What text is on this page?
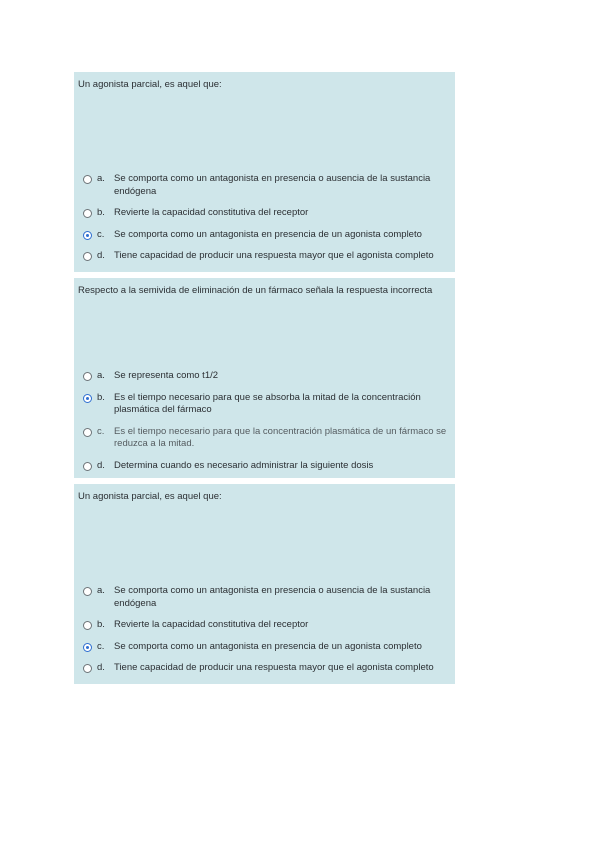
Un agonista parcial, es aquel que:
a. Se comporta como un antagonista en presencia o ausencia de la sustancia endógena
b. Revierte la capacidad constitutiva del receptor
c.	Se comporta como un antagonista en presencia de un agonista completo
d. Tiene capacidad de producir una respuesta mayor que el agonista completo
Respecto a la semivida de eliminación de un fármaco señala la respuesta incorrecta
a. Se representa como t1/2
b. Es el tiempo necesario para que se absorba la mitad de la concentración plasmática del fármaco
c.	Es el tiempo necesario para que la concentración plasmática de un fármaco se reduzca a la mitad.
d. Determina cuando es necesario administrar la siguiente dosis
Un agonista parcial, es aquel que:
a. Se comporta como un antagonista en presencia o ausencia de la sustancia endógena
b. Revierte la capacidad constitutiva del receptor
c.	Se comporta como un antagonista en presencia de un agonista completo
d. Tiene capacidad de producir una respuesta mayor que el agonista completo
